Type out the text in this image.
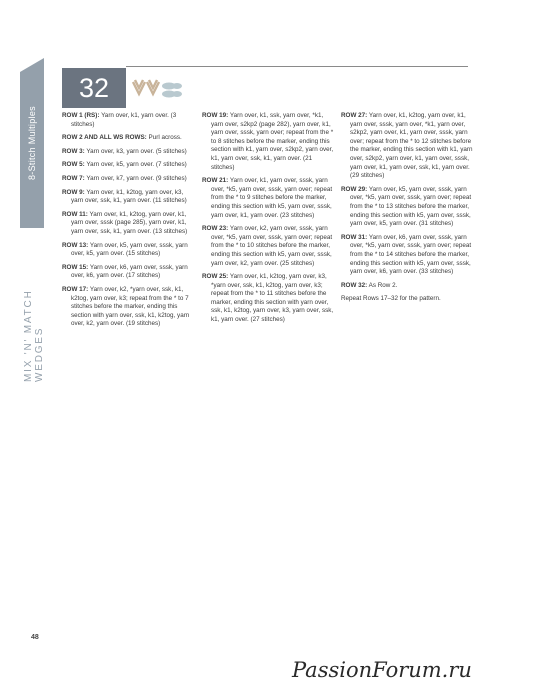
8-Stitch Multiples
MIX 'N' MATCH WEDGES
32

ROW 1 (RS): Yarn over, k1, yarn over. (3 stitches)

ROW 2 AND ALL WS ROWS: Purl across.

ROW 3: Yarn over, k3, yarn over. (5 stitches)

ROW 5: Yarn over, k5, yarn over. (7 stitches)

ROW 7: Yarn over, k7, yarn over. (9 stitches)

ROW 9: Yarn over, k1, k2tog, yarn over, k3, yarn over, ssk, k1, yarn over. (11 stitches)

ROW 11: Yarn over, k1, k2tog, yarn over, k1, yarn over, sssk (page 285), yarn over, k1, yarn over, ssk, k1, yarn over. (13 stitches)

ROW 13: Yarn over, k5, yarn over, sssk, yarn over, k5, yarn over. (15 stitches)

ROW 15: Yarn over, k6, yarn over, sssk, yarn over, k6, yarn over. (17 stitches)

ROW 17: Yarn over, k2, *yarn over, ssk, k1, k2tog, yarn over, k3; repeat from the * to 7 stitches before the marker, ending this section with yarn over, ssk, k1, k2tog, yarn over, k2, yarn over. (19 stitches)

ROW 19: Yarn over, k1, ssk, yarn over, *k1, yarn over, s2kp2 (page 282), yarn over, k1, yarn over, sssk, yarn over; repeat from the * to 8 stitches before the marker, ending this section with k1, yarn over, s2kp2, yarn over, k1, yarn over, ssk, k1, yarn over. (21 stitches)

ROW 21: Yarn over, k1, yarn over, sssk, yarn over, *k5, yarn over, sssk, yarn over; repeat from the * to 9 stitches before the marker, ending this section with k5, yarn over, sssk, yarn over, k1, yarn over. (23 stitches)

ROW 23: Yarn over, k2, yarn over, sssk, yarn over, *k5, yarn over, sssk, yarn over; repeat from the * to 10 stitches before the marker, ending this section with k5, yarn over, sssk, yarn over, k2, yarn over. (25 stitches)

ROW 25: Yarn over, k1, k2tog, yarn over, k3, *yarn over, ssk, k1, k2tog, yarn over, k3; repeat from the * to 11 stitches before the marker, ending this section with yarn over, ssk, k1, k2tog, yarn over, k3, yarn over, ssk, k1, yarn over. (27 stitches)

ROW 27: Yarn over, k1, k2tog, yarn over, k1, yarn over, sssk, yarn over, *k1, yarn over, s2kp2, yarn over, k1, yarn over, sssk, yarn over; repeat from the * to 12 stitches before the marker, ending this section with k1, yarn over, s2kp2, yarn over, k1, yarn over, sssk, yarn over, k1, yarn over, ssk, k1, yarn over. (29 stitches)

ROW 29: Yarn over, k5, yarn over, sssk, yarn over, *k5, yarn over, sssk, yarn over; repeat from the * to 13 stitches before the marker, ending this section with k5, yarn over, sssk, yarn over, k5, yarn over. (31 stitches)

ROW 31: Yarn over, k6, yarn over, sssk, yarn over, *k5, yarn over, sssk, yarn over; repeat from the * to 14 stitches before the marker, ending this section with k5, yarn over, sssk, yarn over, k6, yarn over. (33 stitches)

ROW 32: As Row 2.

Repeat Rows 17–32 for the pattern.

48
PassionForum.ru
